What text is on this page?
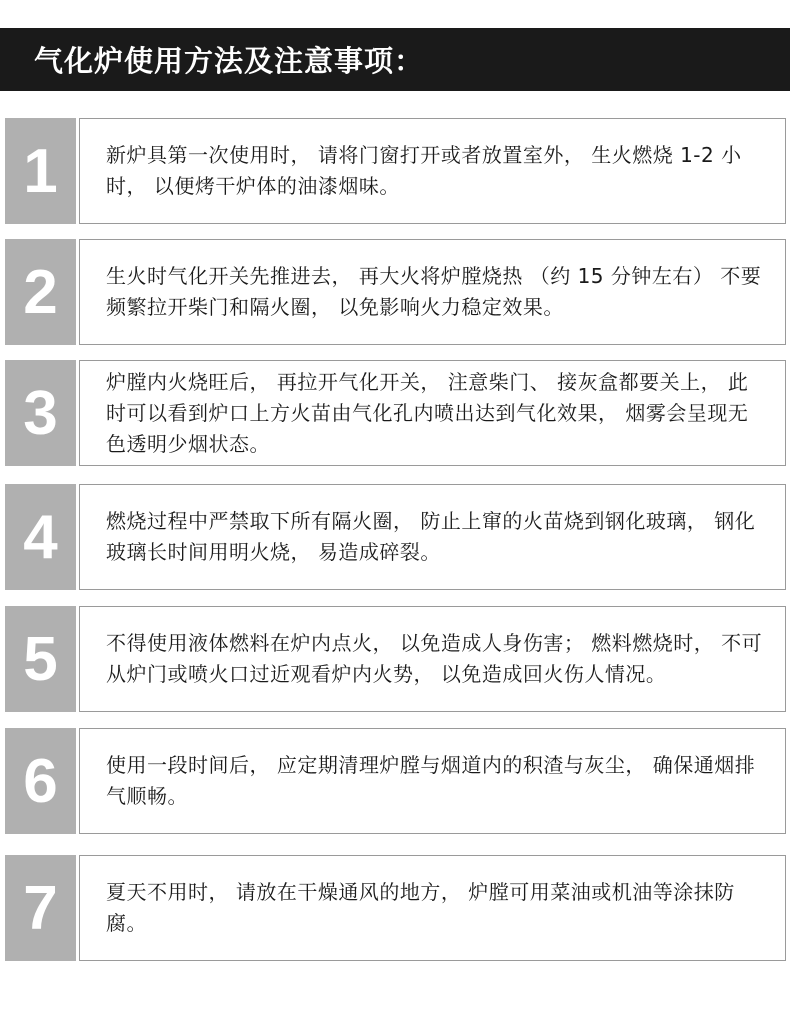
气化炉使用方法及注意事项：
1	新炉具第一次使用时， 请将门窗打开或者放置室外， 生火燃烧 1-2 小时， 以便烤干炉体的油漆烟味。
2	生火时气化开关先推进去， 再大火将炉膛烧热 （约 15 分钟左右） 不要频繁拉开柴门和隔火圈， 以免影响火力稳定效果。
3	炉膛内火烧旺后， 再拉开气化开关， 注意柴门、 接灰盒都要关上， 此时可以看到炉口上方火苗由气化孔内喷出达到气化效果， 烟雾会呈现无色透明少烟状态。
4	燃烧过程中严禁取下所有隔火圈， 防止上窜的火苗烧到钢化玻璃， 钢化玻璃长时间用明火烧， 易造成碎裂。
5	不得使用液体燃料在炉内点火， 以免造成人身伤害； 燃料燃烧时， 不可从炉门或喷火口过近观看炉内火势， 以免造成回火伤人情况。
6	使用一段时间后， 应定期清理炉膛与烟道内的积渣与灰尘， 确保通烟排气顺畅。
7	夏天不用时， 请放在干燥通风的地方， 炉膛可用菜油或机油等涂抹防腐。
